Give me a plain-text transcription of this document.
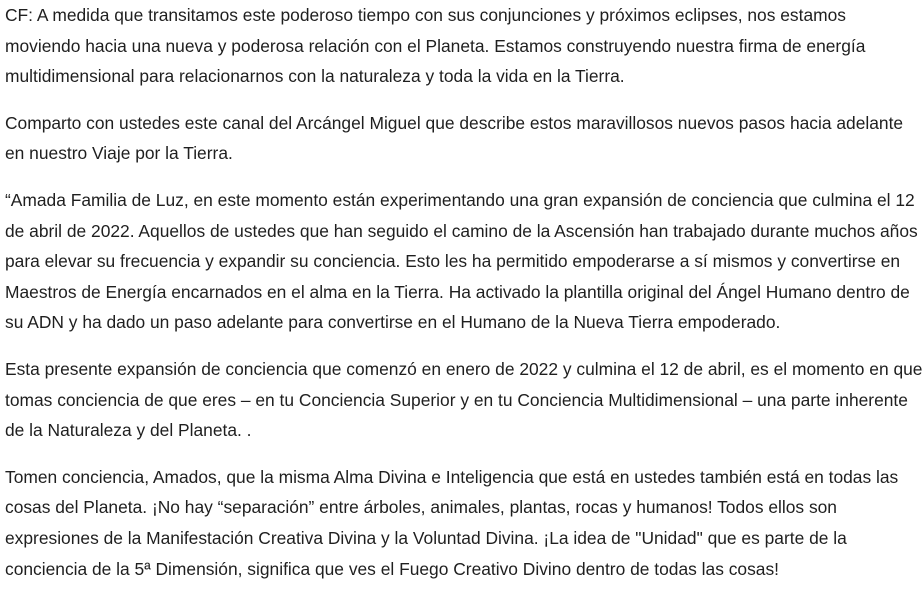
CF: A medida que transitamos este poderoso tiempo con sus conjunciones y próximos eclipses, nos estamos moviendo hacia una nueva y poderosa relación con el Planeta. Estamos construyendo nuestra firma de energía multidimensional para relacionarnos con la naturaleza y toda la vida en la Tierra.

Comparto con ustedes este canal del Arcángel Miguel que describe estos maravillosos nuevos pasos hacia adelante en nuestro Viaje por la Tierra.

“Amada Familia de Luz, en este momento están experimentando una gran expansión de conciencia que culmina el 12 de abril de 2022. Aquellos de ustedes que han seguido el camino de la Ascensión han trabajado durante muchos años para elevar su frecuencia y expandir su conciencia. Esto les ha permitido empoderarse a sí mismos y convertirse en Maestros de Energía encarnados en el alma en la Tierra. Ha activado la plantilla original del Ángel Humano dentro de su ADN y ha dado un paso adelante para convertirse en el Humano de la Nueva Tierra empoderado.

Esta presente expansión de conciencia que comenzó en enero de 2022 y culmina el 12 de abril, es el momento en que tomas conciencia de que eres – en tu Conciencia Superior y en tu Conciencia Multidimensional – una parte inherente de la Naturaleza y del Planeta. .

Tomen conciencia, Amados, que la misma Alma Divina e Inteligencia que está en ustedes también está en todas las cosas del Planeta. ¡No hay “separación” entre árboles, animales, plantas, rocas y humanos! Todos ellos son expresiones de la Manifestación Creativa Divina y la Voluntad Divina. ¡La idea de "Unidad" que es parte de la conciencia de la 5ª Dimensión, significa que ves el Fuego Creativo Divino dentro de todas las cosas!
